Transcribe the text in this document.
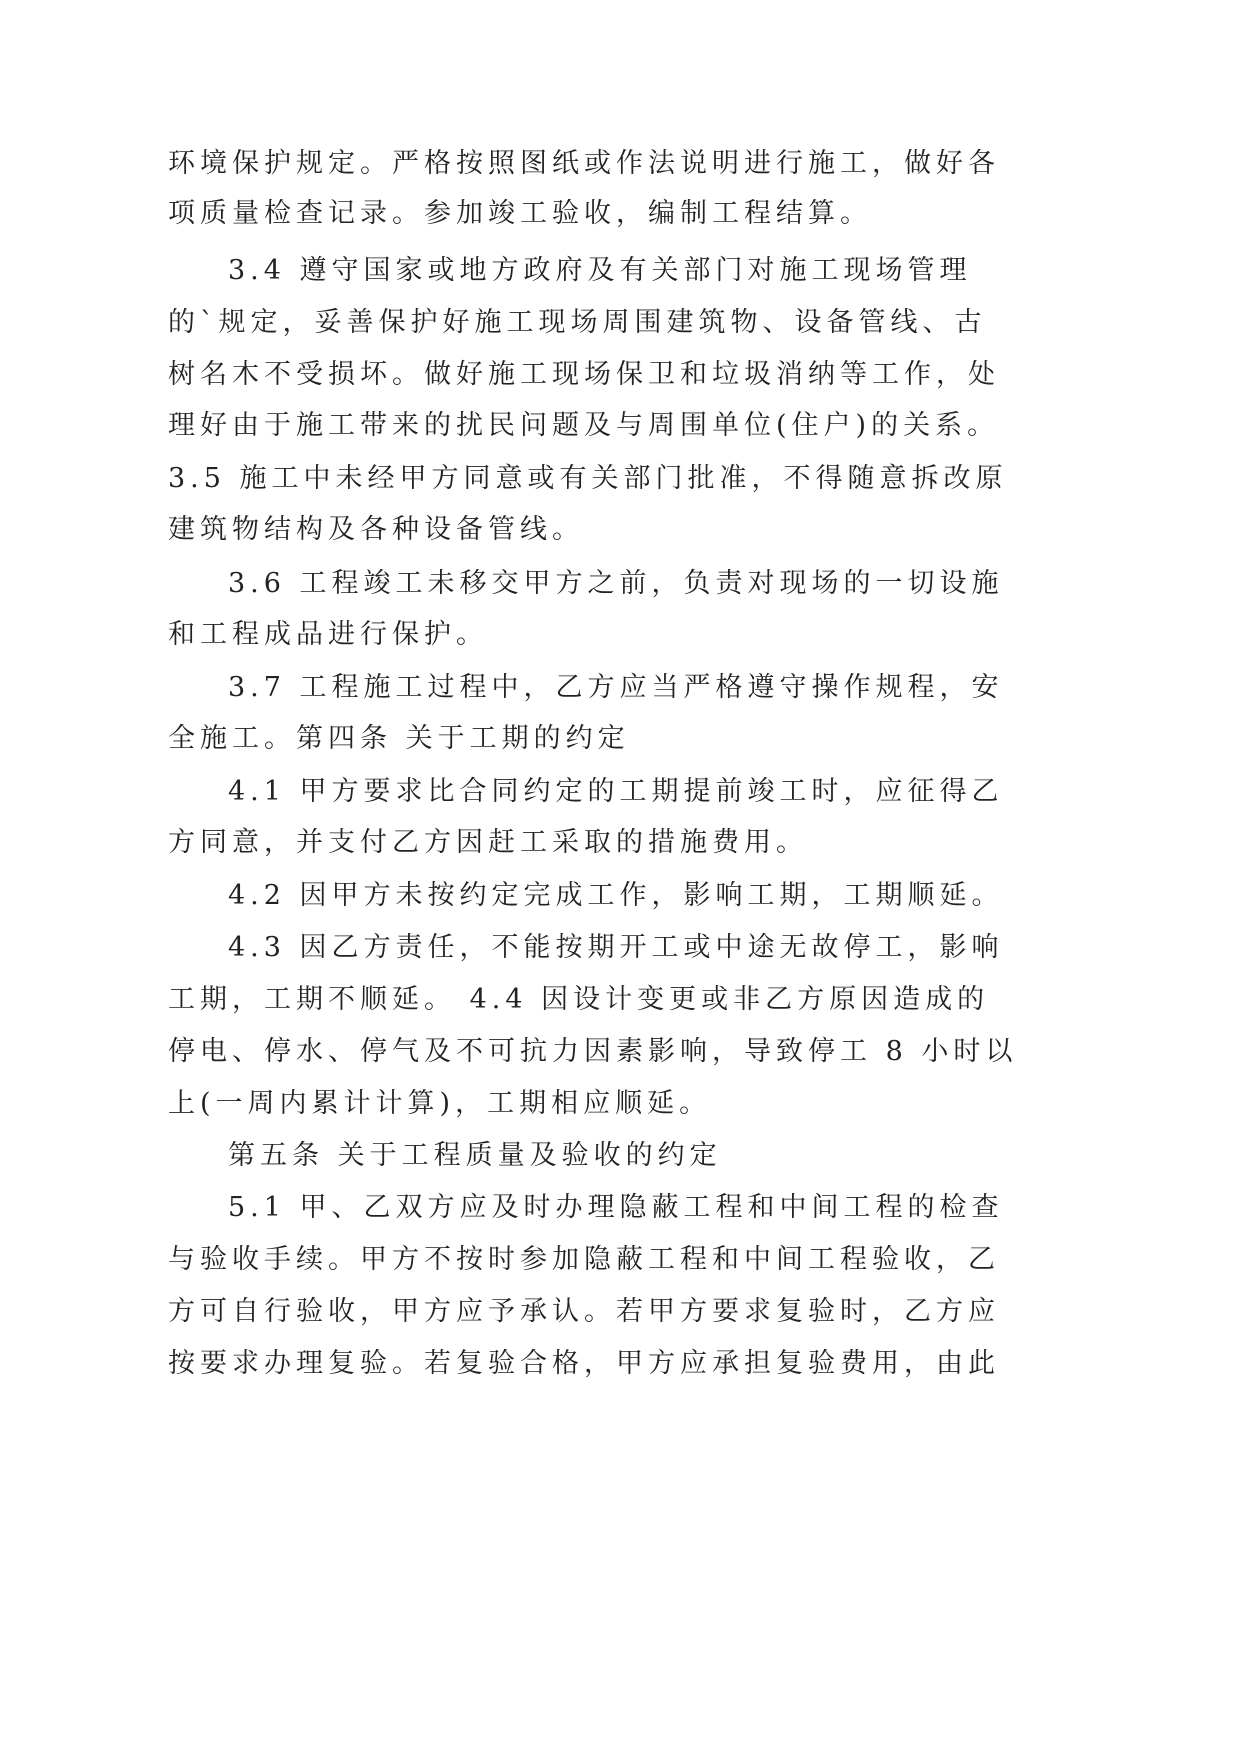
环境保护规定。严格按照图纸或作法说明进行施工，做好各

项质量检查记录。参加竣工验收，编制工程结算。

3.4 遵守国家或地方政府及有关部门对施工现场管理

的`规定，妥善保护好施工现场周围建筑物、设备管线、古

树名木不受损坏。做好施工现场保卫和垃圾消纳等工作，处

理好由于施工带来的扰民问题及与周围单位(住户)的关系。

3.5 施工中未经甲方同意或有关部门批准，不得随意拆改原

建筑物结构及各种设备管线。

3.6 工程竣工未移交甲方之前，负责对现场的一切设施

和工程成品进行保护。

3.7 工程施工过程中，乙方应当严格遵守操作规程，安

全施工。第四条 关于工期的约定

4.1 甲方要求比合同约定的工期提前竣工时，应征得乙

方同意，并支付乙方因赶工采取的措施费用。

4.2 因甲方未按约定完成工作，影响工期，工期顺延。

4.3 因乙方责任，不能按期开工或中途无故停工，影响

工期，工期不顺延。 4.4 因设计变更或非乙方原因造成的

停电、停水、停气及不可抗力因素影响，导致停工 8 小时以

上(一周内累计计算)，工期相应顺延。

第五条 关于工程质量及验收的约定

5.1 甲、乙双方应及时办理隐蔽工程和中间工程的检查

与验收手续。甲方不按时参加隐蔽工程和中间工程验收，乙

方可自行验收，甲方应予承认。若甲方要求复验时，乙方应

按要求办理复验。若复验合格，甲方应承担复验费用，由此
